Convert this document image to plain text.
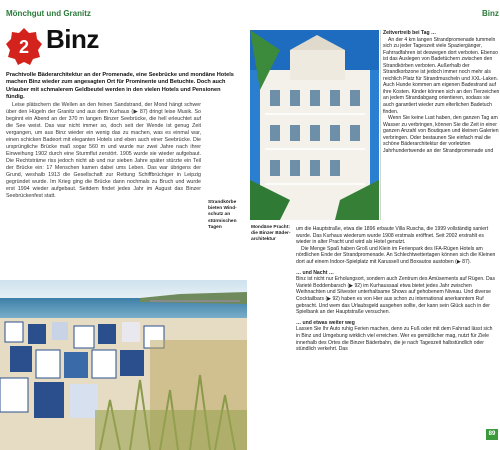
Mönchgut und Granitz	Binz
2 Binz
Prachtvolle Bäderarchitektur an der Promenade, eine Seebrücke und mondäne Hotels machen Binz wieder zum angesagten Ort für Prominente und Betuchte. Doch auch Urlauber mit schmalerem Geldbeutel werden in den vielen Hotels und Pensionen fündig.

Leise plätschern die Wellen an den feinen Sandstrand, der Mond hängt schwer über den Hügeln der Granitz und aus dem Kurhaus (▶ 87) dringt leise Musik. So beginnt ein Abend an der 370 m langen Binzer Seebrücke, die hell erleuchtet auf die See weist. Das war nicht immer so, doch seit der Wende ist genug Zeit vergangen, um aus Binz wieder ein wenig das zu machen, was es einmal war, einen schicken Badeort mit eleganten Hotels und eben auch einer Seebrücke. Die ursprüngliche Brücke maß sogar 560 m und wurde nur zwei Jahre nach ihrer Einweihung 1902 durch eine Sturmflut zerstört. 1905 wurde sie wieder aufgebaut. Die Rechtsträme riss jedoch nicht ab und nur sieben Jahre später stürzte ein Teil der Brücke ein: 17 Menschen kamen dabei ums Leben. Das war übrigens der Grund, weshalb 1913 die Gesellschaft zur Rettung Schiffbrüchiger in Leipzig gegründet wurde. Im Krieg ging die Brücke dann nochmals zu Bruch und wurde erst 1994 wieder aufgebaut. Seitdem findet jedes Jahr im August das Binzer Seebrückenfest statt.

Strandkörbe bieten Wind-schutz an stürmischen Tagen
Zeitvertreib bei Tag …

An der 4 km langen Strandpromenade tummeln sich zu jeder Tageszeit viele Spaziergänger, Fahrradfahren ist deswegen dort verboten. Ebenso ist das Auslegen von Badetüchern zwischen den Strandkörben verboten. Außerhalb der Strandkorbzone ist jedoch immer noch mehr als reichlich Platz für Strandmuscheln und XXL-Laken. Auch Hunde kommen am eigenen Badestrand auf ihre Kosten. Kinder können sich an den Tierzeichen an jedem Strandabgang orientieren, sodass sie auch garantiert wieder zum elterlichen Badetuch finden.

Wenn Sie keine Lust haben, den ganzen Tag am Wasser zu verbringen, können Sie die Zeit in einer ganzen Anzahl von Boutiquen und kleinen Galerien verbringen. Oder bestaunen Sie einfach mal die schöne Bäderarchitektur der vorletzten Jahrhundertwende an der Strandpromenade und

Mondäne Pracht: die Binzer Bäder-architektur

um die Hauptstraße, etwa die 1896 erbaute Villa Ruscha, die 1999 vollständig saniert wurde. Das Kurhaus wiederum wurde 1908 erstmals eröffnet. Seit 2002 erstrahlt es wieder in alter Pracht und wird als Hotel genutzt.

Die Menge Spaß haben Groß und Klein im Ferienpark des IFA-Rügen Hotels am nördlichen Ende der Strandpromenade. An Schlechtwettertagen können sich die Kleinen dort auf einem Indoor-Spielplatz mit Karussell und Boxautos austoben (▶ 87).

… und Nacht …

Binz ist nicht nur Erholungsort, sondern auch Zentrum des Amüsements auf Rügen. Das Varieté Boddenbarsch (▶ 92) im Kurhaussaal etwa bietet jedes Jahr zwischen Weihnachten und Silvester unterhaltsame Shows auf gehobenem Niveau. Und diverse Cocktailbars (▶ 92) haben es von Hier aus schon zu international anerkanntem Ruf gebracht. Und wem das Urlaubsgeld ausgehen sollte, der kann sein Glück auch in der Spielbank an der Hauptstraße versuchen.

… und etwas weiter weg

Lassen Sie Ihr Auto ruhig Ferien machen, denn zu Fuß oder mit dem Fahrrad lässt sich in Binz und Umgebung wirklich viel erreichen. Wer es gemütlicher mag, nutzt für Ziele innerhalb des Ortes die Binzer Bäderbahn, die je nach Tageszeit halbstündlich oder stündlich verkehrt. Das

89
